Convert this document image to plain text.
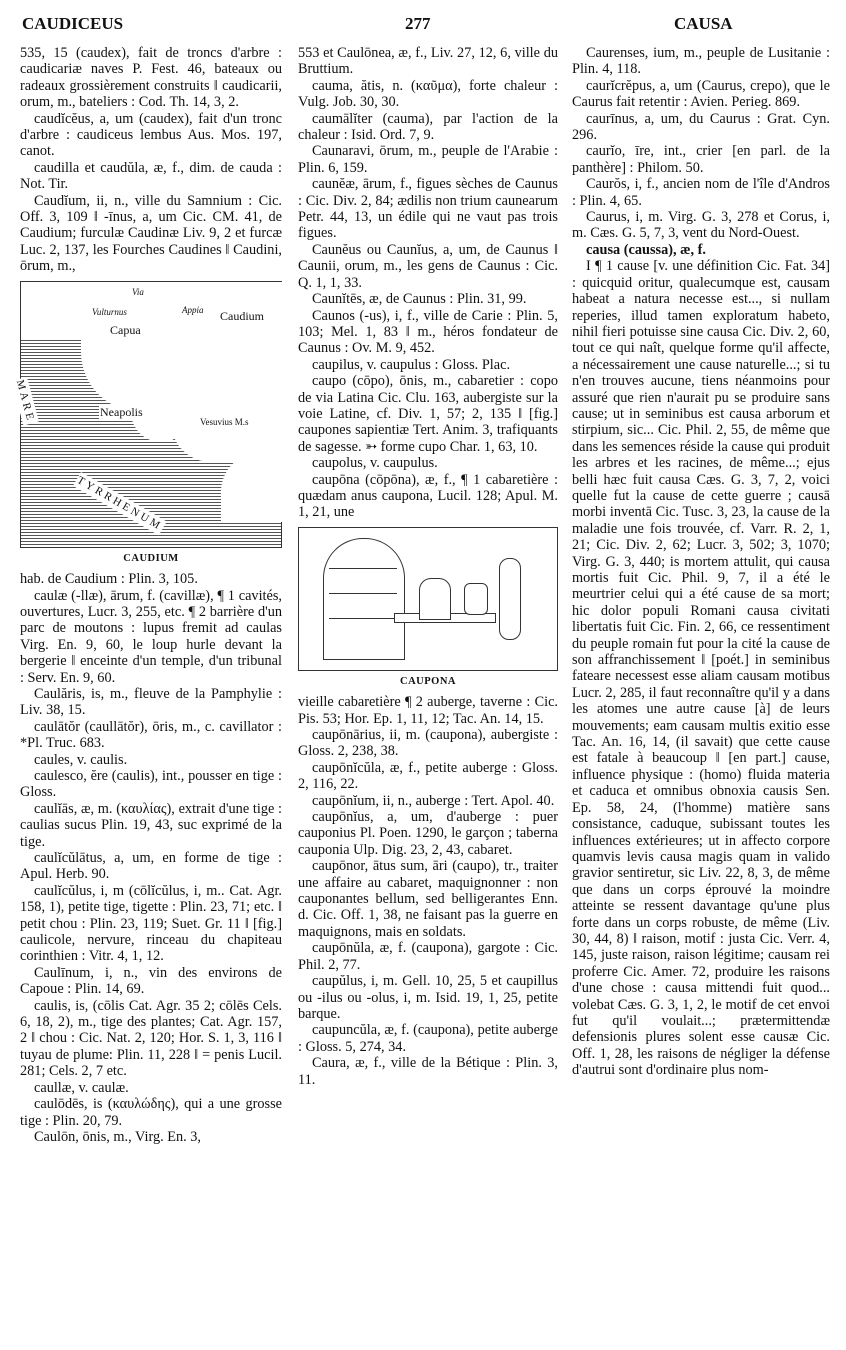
CAUDICEUS	277	CAUSA

535, 15 (caudex), fait de troncs d'arbre : caudicariæ naves P. Fest. 46, bateaux ou radeaux grossièrement construits ‖ caudicarii, orum, m., bateliers : Cod. Th. 14, 3, 2.

caudĭcĕus, a, um (caudex), fait d'un tronc d'arbre : caudiceus lembus Aus. Mos. 197, canot.

caudilla et caudŭla, æ, f., dim. de cauda : Not. Tir.

Caudĭum, ii, n., ville du Samnium : Cic. Off. 3, 109 ‖ -īnus, a, um Cic. CM. 41, de Caudium; furculæ Caudinæ Liv. 9, 2 et furcæ Luc. 2, 137, les Fourches Caudines ‖ Caudini, ōrum, m.,

Via
Vulturnus	Appia Caudium
Capua
MARE	Neapolis
Vesuvius M.s
TYRRHENUM
CAUDIUM

hab. de Caudium : Plin. 3, 105.

caulæ (-llæ), ārum, f. (cavillæ), ¶ 1 cavités, ouvertures, Lucr. 3, 255, etc. ¶ 2 barrière d'un parc de moutons : lupus fremit ad caulas Virg. En. 9, 60, le loup hurle devant la bergerie ‖ enceinte d'un temple, d'un tribunal : Serv. En. 9, 60.

Caulăris, is, m., fleuve de la Pamphylie : Liv. 38, 15.

caulātŏr (caullātŏr), ōris, m., c. cavillator : *Pl. Truc. 683.

caules, v. caulis.

caulesco, ĕre (caulis), int., pousser en tige : Gloss.

caulĭās, æ, m. (καυλίας), extrait d'une tige : caulias sucus Plin. 19, 43, suc exprimé de la tige.

caulĭcŭlātus, a, um, en forme de tige : Apul. Herb. 90.

caulĭcŭlus, i, m (cōlĭcŭlus, i, m.. Cat. Agr. 158, 1), petite tige, tigette : Plin. 23, 71; etc. ‖ petit chou : Plin. 23, 119; Suet. Gr. 11 ‖ [fig.] caulicole, nervure, rinceau du chapiteau corinthien : Vitr. 4, 1, 12.

Caulīnum, i, n., vin des environs de Capoue : Plin. 14, 69.

caulis, is, (cōlis Cat. Agr. 35 2; cōlēs Cels. 6, 18, 2), m., tige des plantes; Cat. Agr. 157, 2 ‖ chou : Cic. Nat. 2, 120; Hor. S. 1, 3, 116 ‖ tuyau de plume: Plin. 11, 228 ‖ = penis Lucil. 281; Cels. 2, 7 etc.

caullæ, v. caulæ.

caulōdēs, is (καυλώδης), qui a une grosse tige : Plin. 20, 79.

Caulōn, ōnis, m., Virg. En. 3,

553 et Caulōnea, æ, f., Liv. 27, 12, 6, ville du Bruttium.

cauma, ătis, n. (καῦμα), forte chaleur : Vulg. Job. 30, 30.

caumālĭter (cauma), par l'action de la chaleur : Isid. Ord. 7, 9.

Caunaravi, ōrum, m., peuple de l'Arabie : Plin. 6, 159.

caunĕæ, ārum, f., figues sèches de Caunus : Cic. Div. 2, 84; ædilis non trium caunearum Petr. 44, 13, un édile qui ne vaut pas trois figues.

Caunĕus ou Caunĭus, a, um, de Caunus ‖ Caunii, orum, m., les gens de Caunus : Cic. Q. 1, 1, 33.

Caunĭtēs, æ, de Caunus : Plin. 31, 99.

Caunos (-us), i, f., ville de Carie : Plin. 5, 103; Mel. 1, 83 ‖ m., héros fondateur de Caunus : Ov. M. 9, 452.

caupilus, v. caupulus : Gloss. Plac.

caupo (cōpo), ōnis, m., cabaretier : copo de via Latina Cic. Clu. 163, aubergiste sur la voie Latine, cf. Div. 1, 57; 2, 135 ‖ [fig.] caupones sapientiæ Tert. Anim. 3, trafiquants de sagesse. ➳ forme cupo Char. 1, 63, 10.

caupolus, v. caupulus.

caupōna (cōpōna), æ, f., ¶ 1 cabaretière : quædam anus caupona, Lucil. 128; Apul. M. 1, 21, une

CAUPONA

vieille cabaretière ¶ 2 auberge, taverne : Cic. Pis. 53; Hor. Ep. 1, 11, 12; Tac. An. 14, 15.

caupōnārius, ii, m. (caupona), aubergiste : Gloss. 2, 238, 38.

caupōnĭcŭla, æ, f., petite auberge : Gloss. 2, 116, 22.

caupōnĭum, ii, n., auberge : Tert. Apol. 40.

caupōnĭus, a, um, d'auberge : puer cauponius Pl. Poen. 1290, le garçon ; taberna cauponia Ulp. Dig. 23, 2, 43, cabaret.

caupōnor, ātus sum, āri (caupo), tr., traiter une affaire au cabaret, maquignonner : non cauponantes bellum, sed belligerantes Enn. d. Cic. Off. 1, 38, ne faisant pas la guerre en maquignons, mais en soldats.

caupōnŭla, æ, f. (caupona), gargote : Cic. Phil. 2, 77.

caupŭlus, i, m. Gell. 10, 25, 5 et caupillus ou -ilus ou -olus, i, m. Isid. 19, 1, 25, petite barque.

caupuncŭla, æ, f. (caupona), petite auberge : Gloss. 5, 274, 34.

Caura, æ, f., ville de la Bétique : Plin. 3, 11.

Caurenses, ium, m., peuple de Lusitanie : Plin. 4, 118.

caurĭcrĕpus, a, um (Caurus, crepo), que le Caurus fait retentir : Avien. Perieg. 869.

caurīnus, a, um, du Caurus : Grat. Cyn. 296.

caurĭo, īre, int., crier [en parl. de la panthère] : Philom. 50.

Caurŏs, i, f., ancien nom de l'île d'Andros : Plin. 4, 65.

Caurus, i, m. Virg. G. 3, 278 et Corus, i, m. Cæs. G. 5, 7, 3, vent du Nord-Ouest.

causa (caussa), æ, f.

I ¶ 1 cause [v. une définition Cic. Fat. 34] : quicquid oritur, qualecumque est, causam habeat a natura necesse est..., si nullam reperies, illud tamen exploratum habeto, nihil fieri potuisse sine causa Cic. Div. 2, 60, tout ce qui naît, quelque forme qu'il affecte, a nécessairement une cause naturelle...; si tu n'en trouves aucune, tiens néanmoins pour assuré que rien n'aurait pu se produire sans cause; ut in seminibus est causa arborum et stirpium, sic... Cic. Phil. 2, 55, de même que dans les semences réside la cause qui produit les arbres et les racines, de même...; ejus belli hæc fuit causa Cæs. G. 3, 7, 2, voici quelle fut la cause de cette guerre ; causā morbi inventā Cic. Tusc. 3, 23, la cause de la maladie une fois trouvée, cf. Varr. R. 2, 1, 21; Cic. Div. 2, 62; Lucr. 3, 502; 3, 1070; Virg. G. 3, 440; is mortem attulit, qui causa mortis fuit Cic. Phil. 9, 7, il a été le meurtrier celui qui a été cause de sa mort; hic dolor populi Romani causa civitati libertatis fuit Cic. Fin. 2, 66, ce ressentiment du peuple romain fut pour la cité la cause de son affranchissement ‖ [poét.] in seminibus fateare necessest esse aliam causam motibus Lucr. 2, 285, il faut reconnaître qu'il y a dans les atomes une autre cause [à] de leurs mouvements; eam causam multis exitio esse Tac. An. 16, 14, (il savait) que cette cause est fatale à beaucoup ‖ [en part.] cause, influence physique : (homo) fluida materia et caduca et omnibus obnoxia causis Sen. Ep. 58, 24, (l'homme) matière sans consistance, caduque, subissant toutes les influences extérieures; ut in affecto corpore quamvis levis causa magis quam in valido gravior sentiretur, sic Liv. 22, 8, 3, de même que dans un corps éprouvé la moindre atteinte se ressent davantage qu'une plus forte dans un corps robuste, de même (Liv. 30, 44, 8) ‖ raison, motif : justa Cic. Verr. 4, 145, juste raison, raison légitime; causam rei proferre Cic. Amer. 72, produire les raisons d'une chose : causa mittendi fuit quod... volebat Cæs. G. 3, 1, 2, le motif de cet envoi fut qu'il voulait...; prætermittendæ defensionis plures solent esse causæ Cic. Off. 1, 28, les raisons de négliger la défense d'autrui sont d'ordinaire plus nom-
